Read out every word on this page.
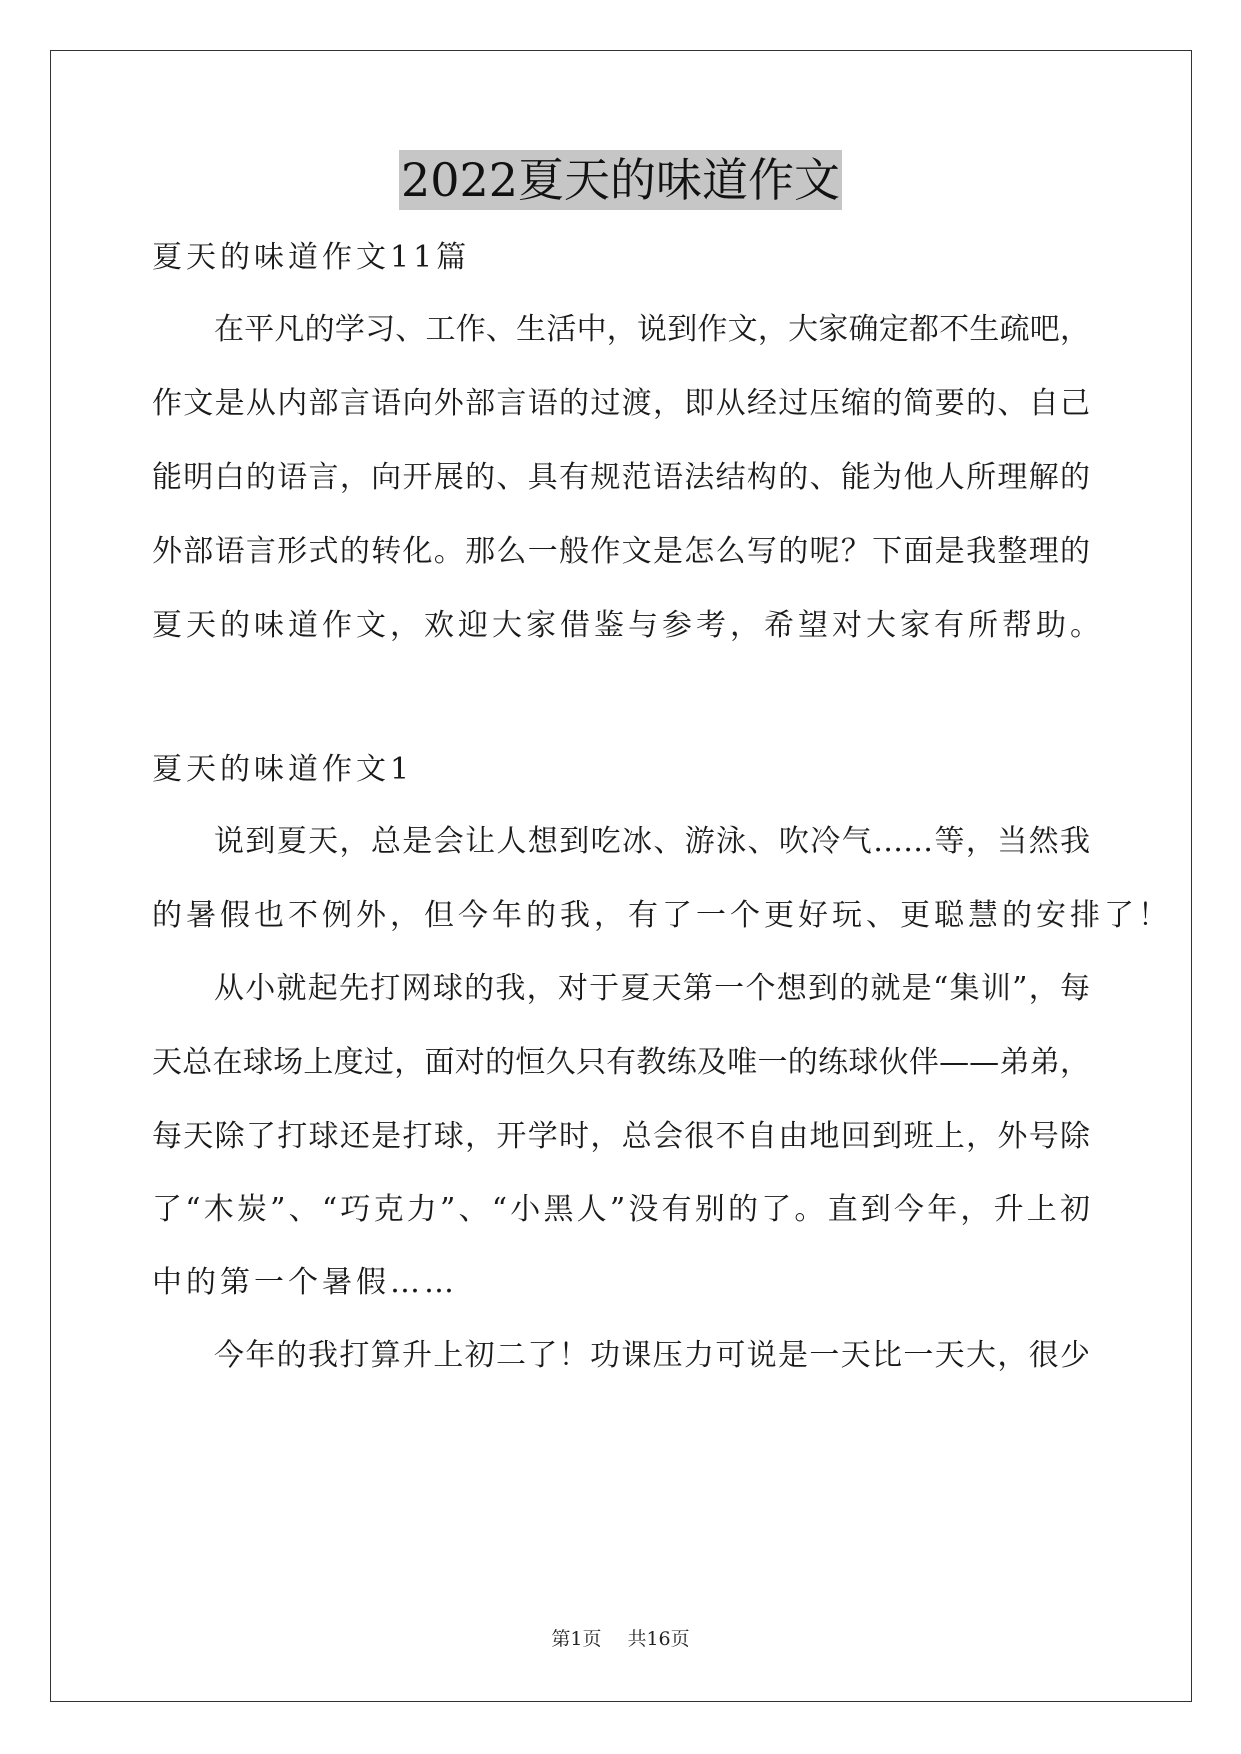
2022夏天的味道作文
夏天的味道作文11篇
在平凡的学习、工作、生活中，说到作文，大家确定都不生疏吧，
作文是从内部言语向外部言语的过渡，即从经过压缩的简要的、自己
能明白的语言，向开展的、具有规范语法结构的、能为他人所理解的
外部语言形式的转化。那么一般作文是怎么写的呢？下面是我整理的
夏天的味道作文，欢迎大家借鉴与参考，希望对大家有所帮助。
夏天的味道作文1
说到夏天，总是会让人想到吃冰、游泳、吹冷气……等，当然我
的暑假也不例外，但今年的我，有了一个更好玩、更聪慧的安排了！
从小就起先打网球的我，对于夏天第一个想到的就是“集训”，每
天总在球场上度过，面对的恒久只有教练及唯一的练球伙伴——弟弟，
每天除了打球还是打球，开学时，总会很不自由地回到班上，外号除
了“木炭”、“巧克力”、“小黑人”没有别的了。直到今年，升上初
中的第一个暑假……
今年的我打算升上初二了！功课压力可说是一天比一天大，很少
第1页 共16页
